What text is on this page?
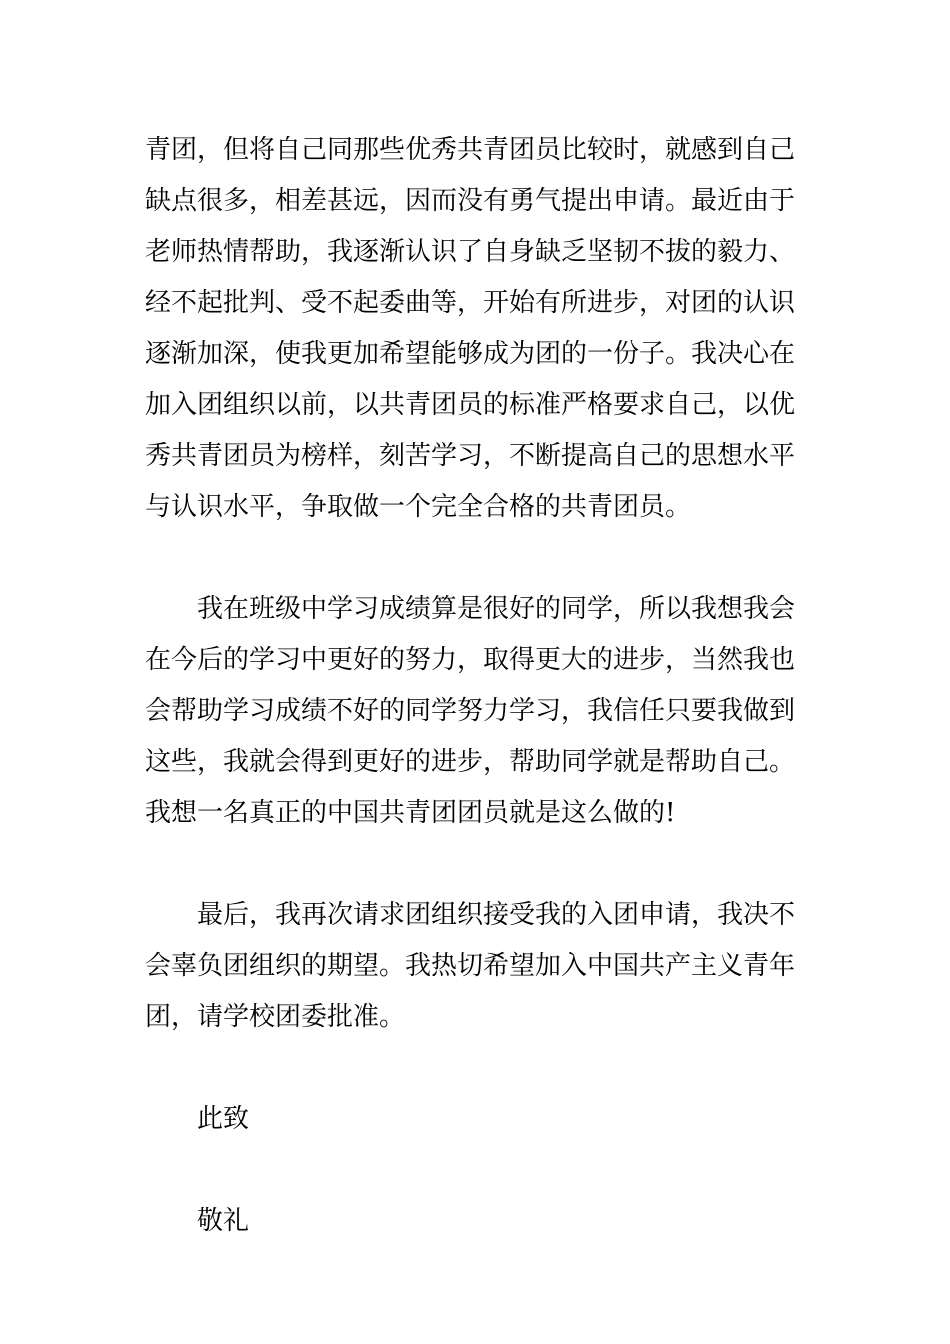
青团，但将自己同那些优秀共青团员比较时，就感到自己
缺点很多，相差甚远，因而没有勇气提出申请。最近由于
老师热情帮助，我逐渐认识了自身缺乏坚韧不拔的毅力、
经不起批判、受不起委曲等，开始有所进步，对团的认识
逐渐加深，使我更加希望能够成为团的一份子。我决心在
加入团组织以前，以共青团员的标准严格要求自己，以优
秀共青团员为榜样，刻苦学习，不断提高自己的思想水平
与认识水平，争取做一个完全合格的共青团员。
我在班级中学习成绩算是很好的同学，所以我想我会
在今后的学习中更好的努力，取得更大的进步，当然我也
会帮助学习成绩不好的同学努力学习，我信任只要我做到
这些，我就会得到更好的进步，帮助同学就是帮助自己。
我想一名真正的中国共青团团员就是这么做的!
最后，我再次请求团组织接受我的入团申请，我决不
会辜负团组织的期望。我热切希望加入中国共产主义青年
团，请学校团委批准。
此致
敬礼
